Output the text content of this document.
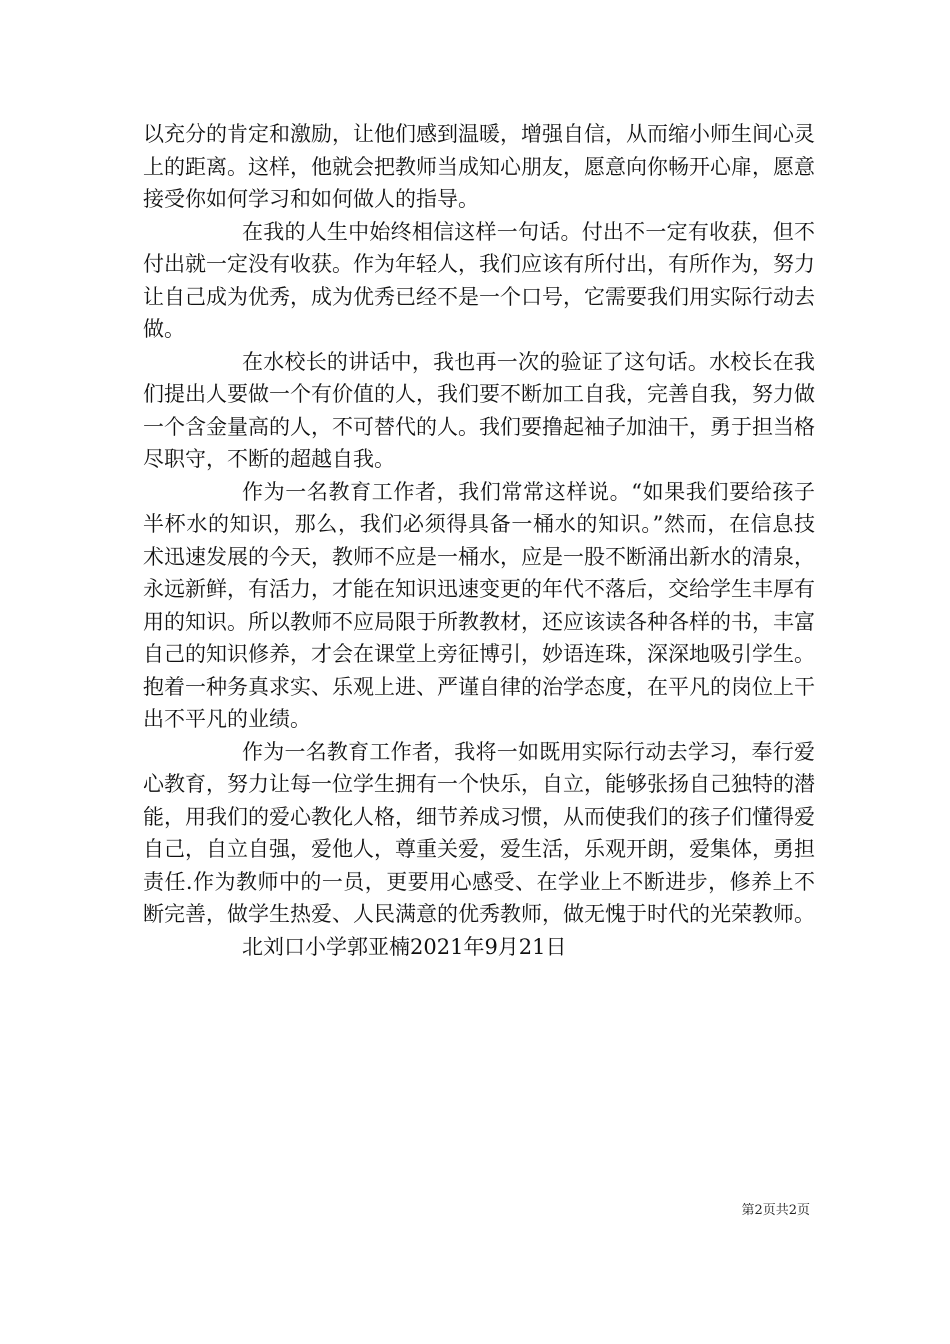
以充分的肯定和激励，让他们感到温暖，增强自信，从而缩小师生间心灵上的距离。这样，他就会把教师当成知心朋友，愿意向你畅开心扉，愿意接受你如何学习和如何做人的指导。

在我的人生中始终相信这样一句话。付出不一定有收获，但不付出就一定没有收获。作为年轻人，我们应该有所付出，有所作为，努力让自己成为优秀，成为优秀已经不是一个口号，它需要我们用实际行动去做。

在水校长的讲话中，我也再一次的验证了这句话。水校长在我们提出人要做一个有价值的人，我们要不断加工自我，完善自我，努力做一个含金量高的人，不可替代的人。我们要撸起袖子加油干，勇于担当格尽职守，不断的超越自我。

作为一名教育工作者，我们常常这样说。“如果我们要给孩子半杯水的知识，那么，我们必须得具备一桶水的知识。”然而，在信息技术迅速发展的今天，教师不应是一桶水，应是一股不断涌出新水的清泉，永远新鲜，有活力，才能在知识迅速变更的年代不落后，交给学生丰厚有用的知识。所以教师不应局限于所教教材，还应该读各种各样的书，丰富自己的知识修养，才会在课堂上旁征博引，妙语连珠，深深地吸引学生。抱着一种务真求实、乐观上进、严谨自律的治学态度，在平凡的岗位上干出不平凡的业绩。

作为一名教育工作者，我将一如既用实际行动去学习，奉行爱心教育，努力让每一位学生拥有一个快乐，自立，能够张扬自己独特的潜能，用我们的爱心教化人格，细节养成习惯，从而使我们的孩子们懂得爱自己，自立自强，爱他人，尊重关爱，爱生活，乐观开朗，爱集体，勇担责任.作为教师中的一员，更要用心感受、在学业上不断进步，修养上不断完善，做学生热爱、人民满意的优秀教师，做无愧于时代的光荣教师。

北刘口小学郭亚楠2021年9月21日

第2页共2页
